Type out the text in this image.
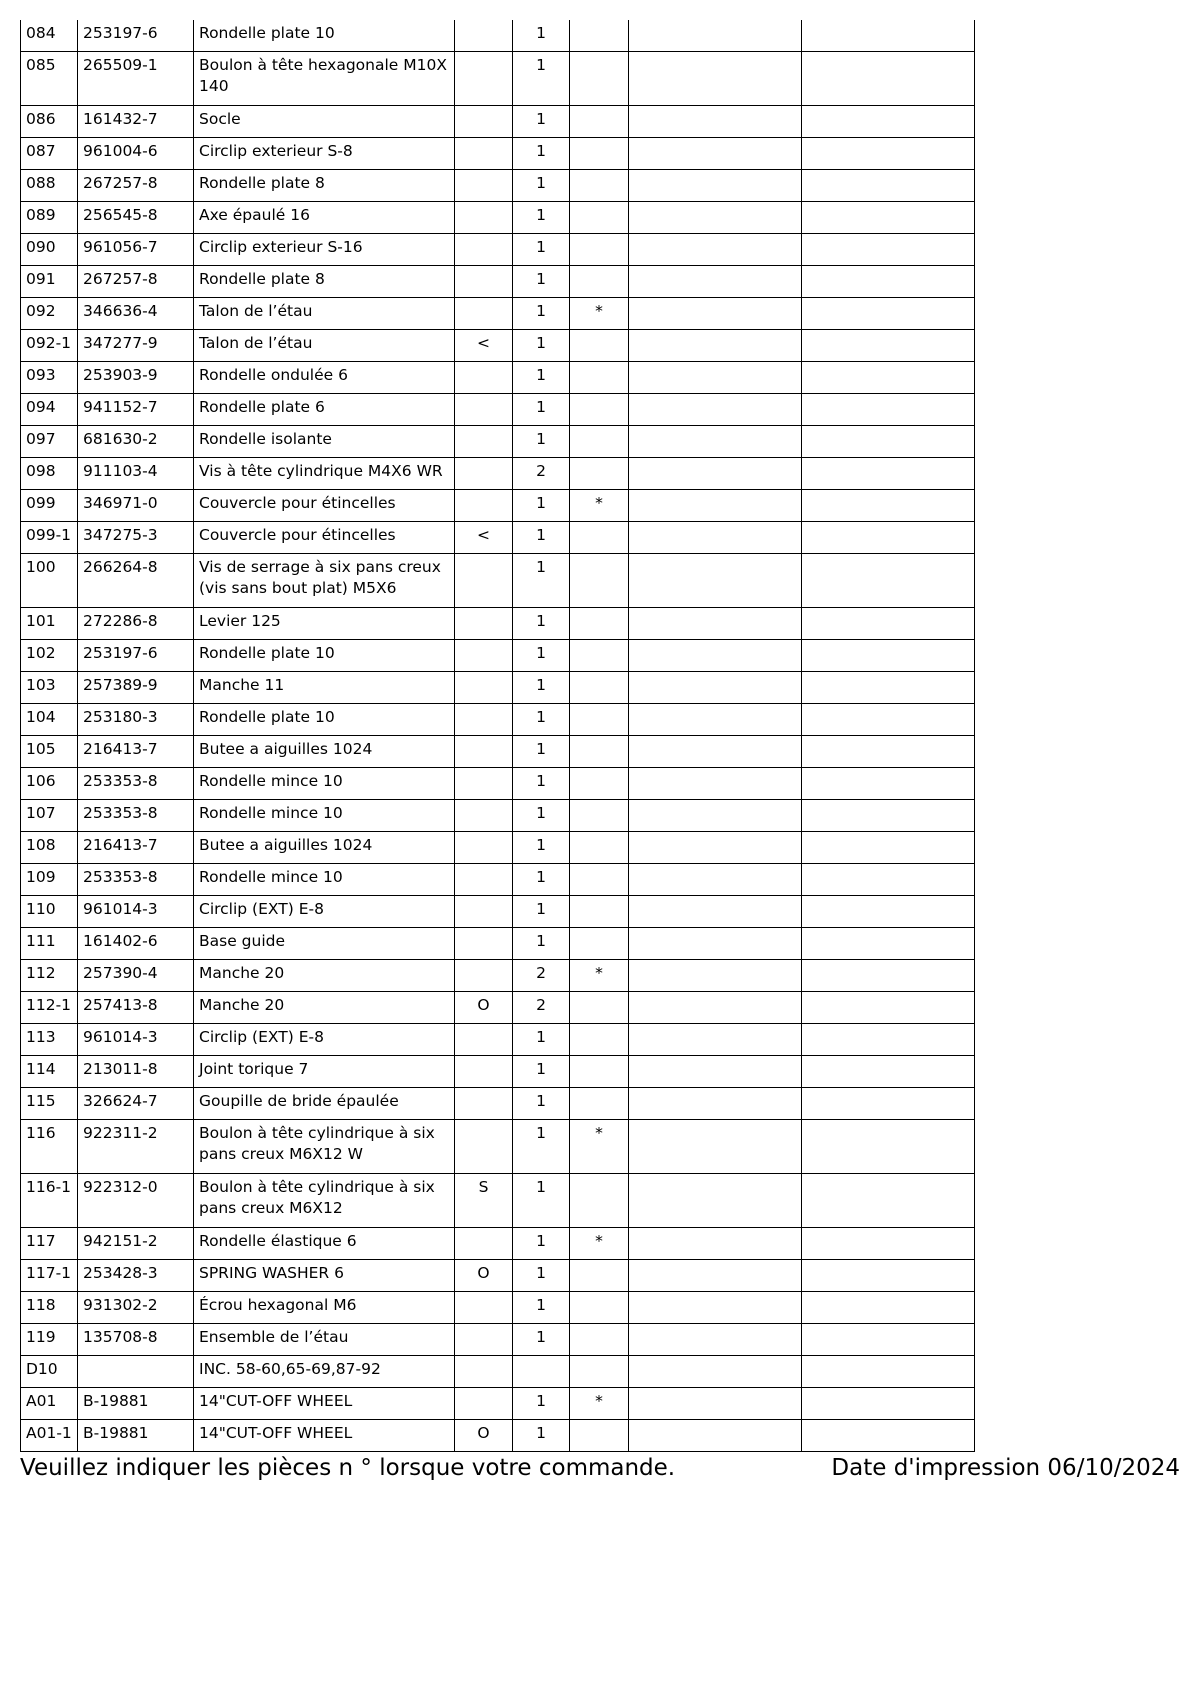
084	253197-6	Rondelle plate 10		1			
085	265509-1	Boulon à tête hexagonale M10X140		1			
086	161432-7	Socle		1			
087	961004-6	Circlip exterieur S-8		1			
088	267257-8	Rondelle plate 8		1			
089	256545-8	Axe épaulé 16		1			
090	961056-7	Circlip exterieur S-16		1			
091	267257-8	Rondelle plate 8		1			
092	346636-4	Talon de l’étau		1	*		
092-1	347277-9	Talon de l’étau	<	1			
093	253903-9	Rondelle ondulée 6		1			
094	941152-7	Rondelle plate 6		1			
097	681630-2	Rondelle isolante		1			
098	911103-4	Vis à tête cylindrique M4X6 WR		2			
099	346971-0	Couvercle pour étincelles		1	*		
099-1	347275-3	Couvercle pour étincelles	<	1			
100	266264-8	Vis de serrage à six pans creux (vis sans bout plat) M5X6		1			
101	272286-8	Levier 125		1			
102	253197-6	Rondelle plate 10		1			
103	257389-9	Manche 11		1			
104	253180-3	Rondelle plate 10		1			
105	216413-7	Butee a aiguilles 1024		1			
106	253353-8	Rondelle mince 10		1			
107	253353-8	Rondelle mince 10		1			
108	216413-7	Butee a aiguilles 1024		1			
109	253353-8	Rondelle mince 10		1			
110	961014-3	Circlip (EXT) E-8		1			
111	161402-6	Base guide		1			
112	257390-4	Manche 20		2	*		
112-1	257413-8	Manche 20	O	2			
113	961014-3	Circlip (EXT) E-8		1			
114	213011-8	Joint torique 7		1			
115	326624-7	Goupille de bride épaulée		1			
116	922311-2	Boulon à tête cylindrique à six pans creux M6X12 W		1	*		
116-1	922312-0	Boulon à tête cylindrique à six pans creux M6X12	S	1			
117	942151-2	Rondelle élastique 6		1	*		
117-1	253428-3	SPRING WASHER 6	O	1			
118	931302-2	Écrou hexagonal M6		1			
119	135708-8	Ensemble de l’étau		1			
D10		INC. 58-60,65-69,87-92					
A01	B-19881	14"CUT-OFF WHEEL		1	*		
A01-1	B-19881	14"CUT-OFF WHEEL	O	1			
Veuillez indiquer les pièces n ° lorsque votre commande.	Date d'impression 06/10/2024
